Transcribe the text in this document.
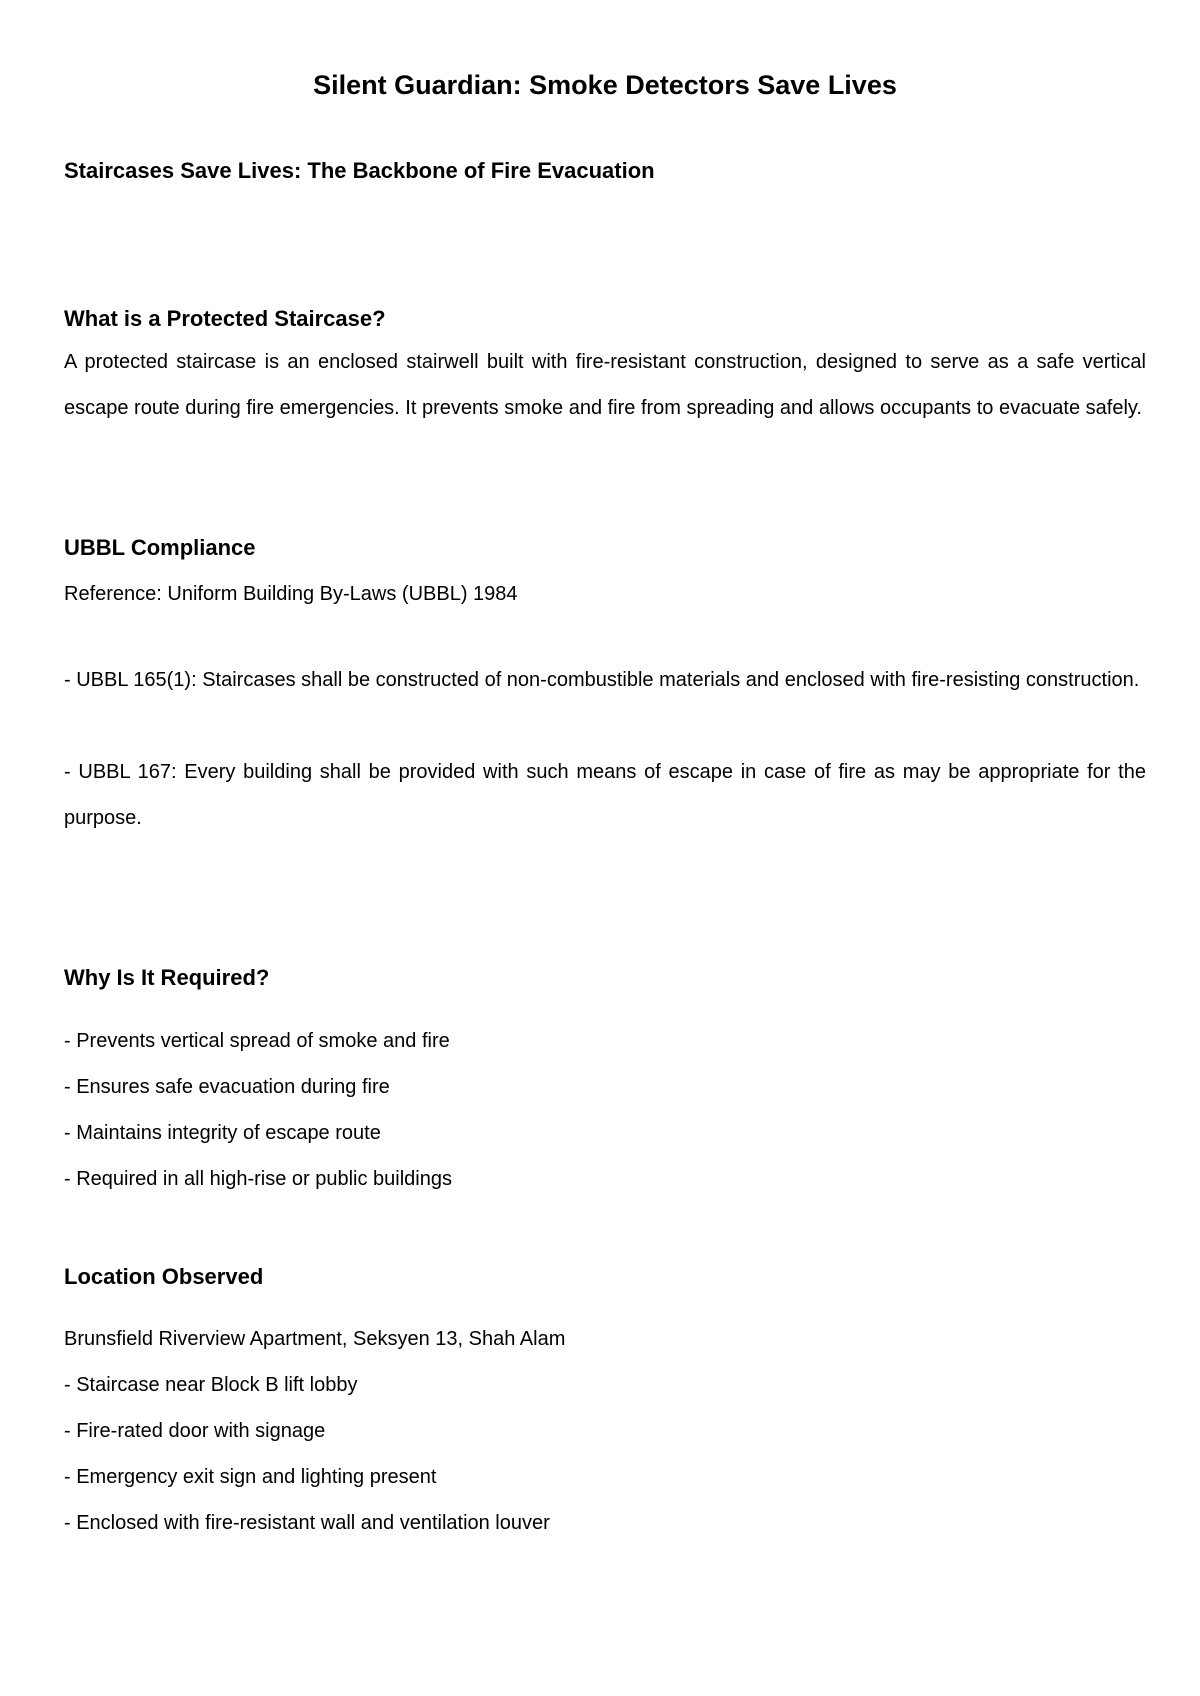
Silent Guardian: Smoke Detectors Save Lives
Staircases Save Lives: The Backbone of Fire Evacuation
What is a Protected Staircase?

A protected staircase is an enclosed stairwell built with fire-resistant construction, designed to serve as a safe vertical escape route during fire emergencies. It prevents smoke and fire from spreading and allows occupants to evacuate safely.

UBBL Compliance

Reference: Uniform Building By-Laws (UBBL) 1984

- UBBL 165(1): Staircases shall be constructed of non-combustible materials and enclosed with fire-resisting construction.

- UBBL 167: Every building shall be provided with such means of escape in case of fire as may be appropriate for the purpose.

Why Is It Required?

- Prevents vertical spread of smoke and fire

- Ensures safe evacuation during fire

- Maintains integrity of escape route

- Required in all high-rise or public buildings

Location Observed

Brunsfield Riverview Apartment, Seksyen 13, Shah Alam

- Staircase near Block B lift lobby

- Fire-rated door with signage

- Emergency exit sign and lighting present

- Enclosed with fire-resistant wall and ventilation louver
